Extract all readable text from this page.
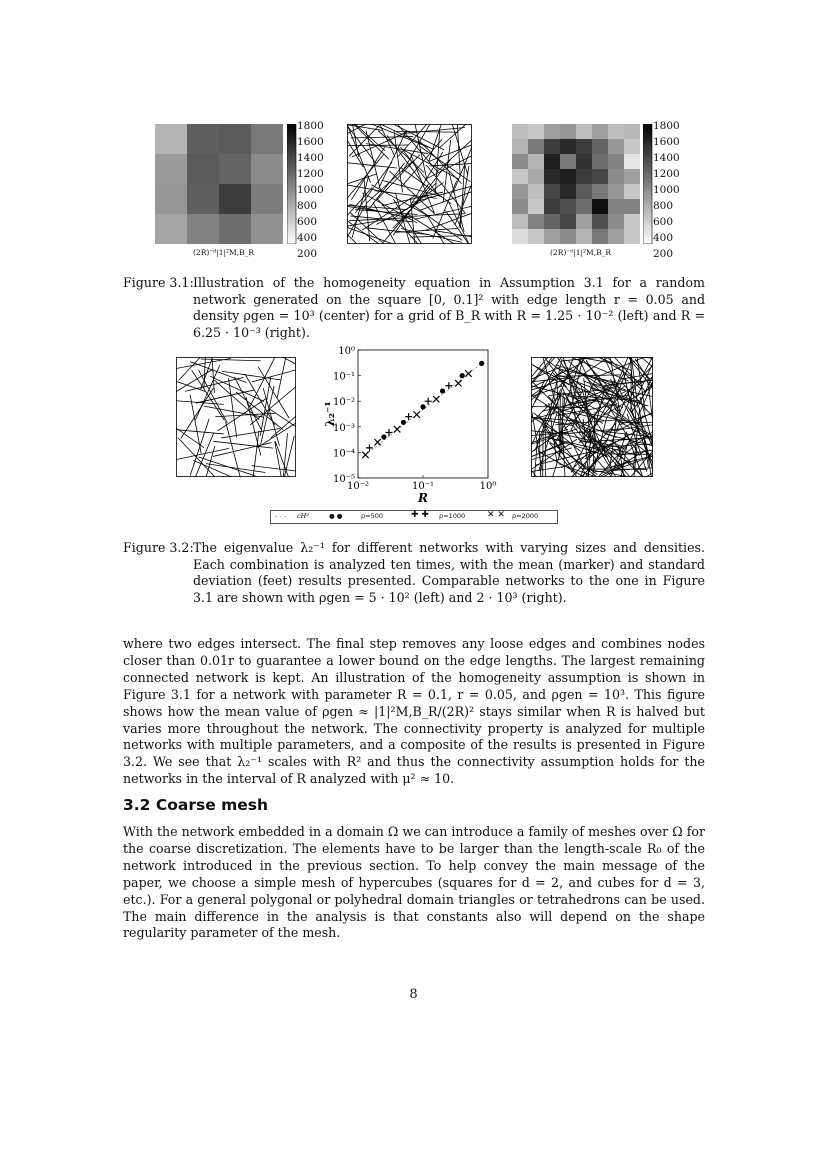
1800
1600
1400
1200
1000
800
600
400
200
(2R)⁻ᵈ|1|²M,B_R
1800
1600
1400
1200
1000
800
600
400
200
(2R)⁻ᵈ|1|²M,B_R
Figure 3.1: Illustration of the homogeneity equation in Assumption 3.1 for a random network generated on the square [0, 0.1]² with edge length r = 0.05 and density ρgen = 10³ (center) for a grid of B_R with R = 1.25 · 10⁻² (left) and R = 6.25 · 10⁻³ (right).
10⁰
10⁻¹
10⁻²
10⁻³
10⁻⁴
10⁻⁵
10⁻²	10⁻¹	10⁰
R
λ₂⁻¹
- - - cH²	● ●	ρ=500	✚ ✚ ρ=1000 ✕ ✕ ρ=2000
Figure 3.2: The eigenvalue λ₂⁻¹ for different networks with varying sizes and densities. Each combination is analyzed ten times, with the mean (marker) and standard deviation (feet) results presented. Comparable networks to the one in Figure 3.1 are shown with ρgen = 5 · 10² (left) and 2 · 10³ (right).
where two edges intersect. The final step removes any loose edges and combines nodes closer than 0.01r to guarantee a lower bound on the edge lengths. The largest remaining connected network is kept. An illustration of the homogeneity assumption is shown in Figure 3.1 for a network with parameter R = 0.1, r = 0.05, and ρgen = 10³. This figure shows how the mean value of ρgen ≈ |1|²M,B_R/(2R)² stays similar when R is halved but varies more throughout the network. The connectivity property is analyzed for multiple networks with multiple parameters, and a composite of the results is presented in Figure 3.2. We see that λ₂⁻¹ scales with R² and thus the connectivity assumption holds for the networks in the interval of R analyzed with μ² ≈ 10.
3.2 Coarse mesh
With the network embedded in a domain Ω we can introduce a family of meshes over Ω for the coarse discretization. The elements have to be larger than the length-scale R₀ of the network introduced in the previous section. To help convey the main message of the paper, we choose a simple mesh of hypercubes (squares for d = 2, and cubes for d = 3, etc.). For a general polygonal or polyhedral domain triangles or tetrahedrons can be used. The main difference in the analysis is that constants also will depend on the shape regularity parameter of the mesh.
8
